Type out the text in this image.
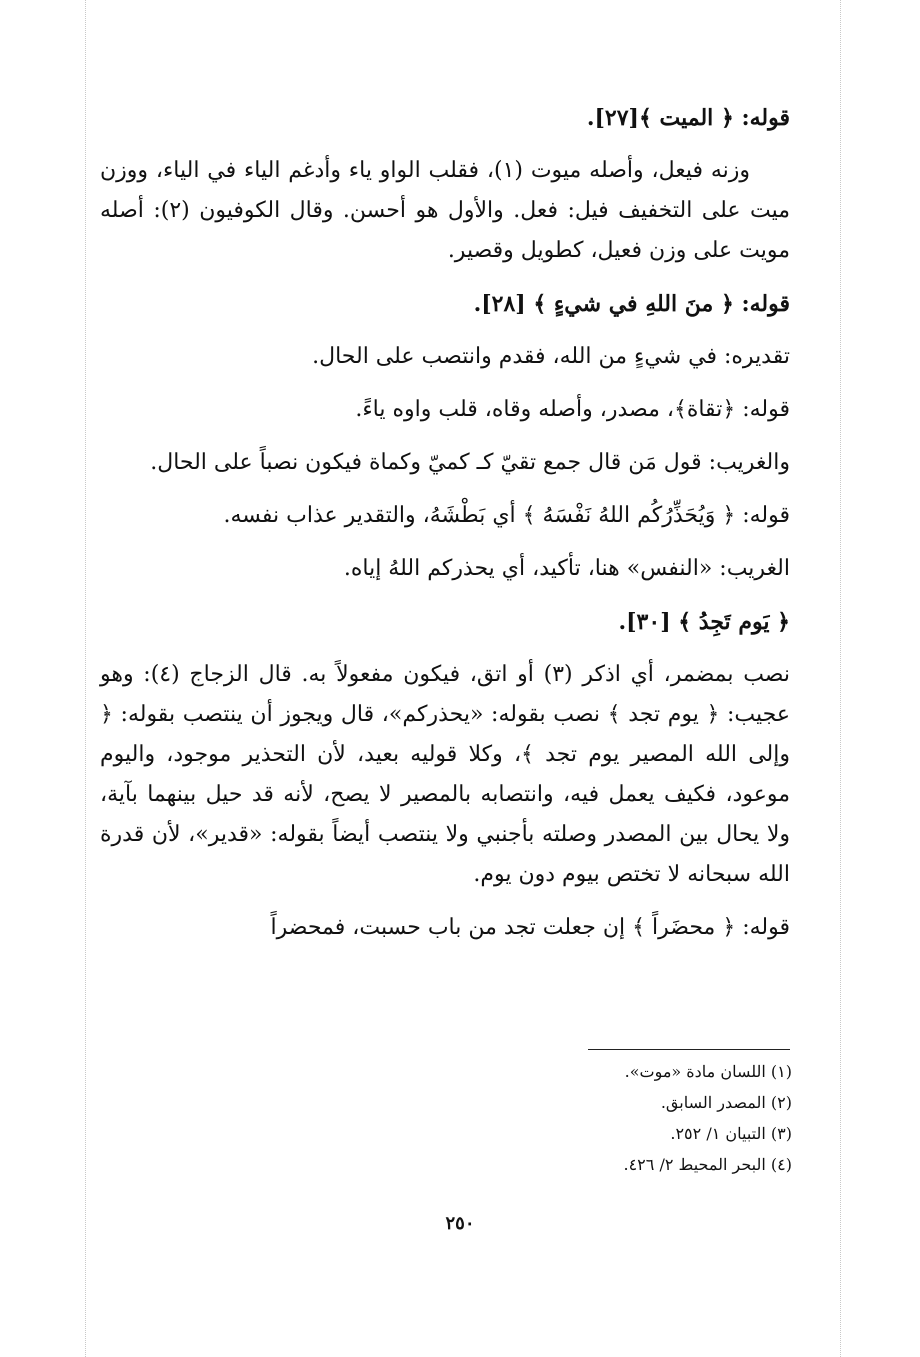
قوله: ﴿ الميت ﴾[٢٧].

وزنه فيعل، وأصله ميوت (١)، فقلب الواو ياء وأدغم الياء في الياء، ووزن ميت على التخفيف فيل: فعل. والأول هو أحسن. وقال الكوفيون (٢): أصله مويت على وزن فعيل، كطويل وقصير.

قوله: ﴿ منَ اللهِ في شيءٍ ﴾ [٢٨].

تقديره: في شيءٍ من الله، فقدم وانتصب على الحال.

قوله: ﴿تقاة﴾، مصدر، وأصله وقاه، قلب واوه ياءً.

والغريب: قول مَن قال جمع تقيّ كـ كميّ وكماة فيكون نصباً على الحال.

قوله: ﴿ وَيُحَذِّرُكُم اللهُ نَفْسَهُ ﴾ أي بَطْشَهُ، والتقدير عذاب نفسه.

الغريب: «النفس» هنا، تأكيد، أي يحذركم اللهُ إياه.

﴿ يَوم تَجِدُ ﴾ [٣٠].

نصب بمضمر، أي اذكر (٣) أو اتق، فيكون مفعولاً به. قال الزجاج (٤): وهو عجيب: ﴿ يوم تجد ﴾ نصب بقوله: «يحذركم»، قال ويجوز أن ينتصب بقوله: ﴿ وإلى الله المصير يوم تجد ﴾، وكلا قوليه بعيد، لأن التحذير موجود، واليوم موعود، فكيف يعمل فيه، وانتصابه بالمصير لا يصح، لأنه قد حيل بينهما بآية، ولا يحال بين المصدر وصلته بأجنبي ولا ينتصب أيضاً بقوله: «قدير»، لأن قدرة الله سبحانه لا تختص بيوم دون يوم.

قوله: ﴿ محضَراً ﴾ إن جعلت تجد من باب حسبت، فمحضراً

(١) اللسان مادة «موت».
(٢) المصدر السابق.
(٣) التبيان ١/ ٢٥٢.
(٤) البحر المحيط ٢/ ٤٢٦.
٢٥٠
